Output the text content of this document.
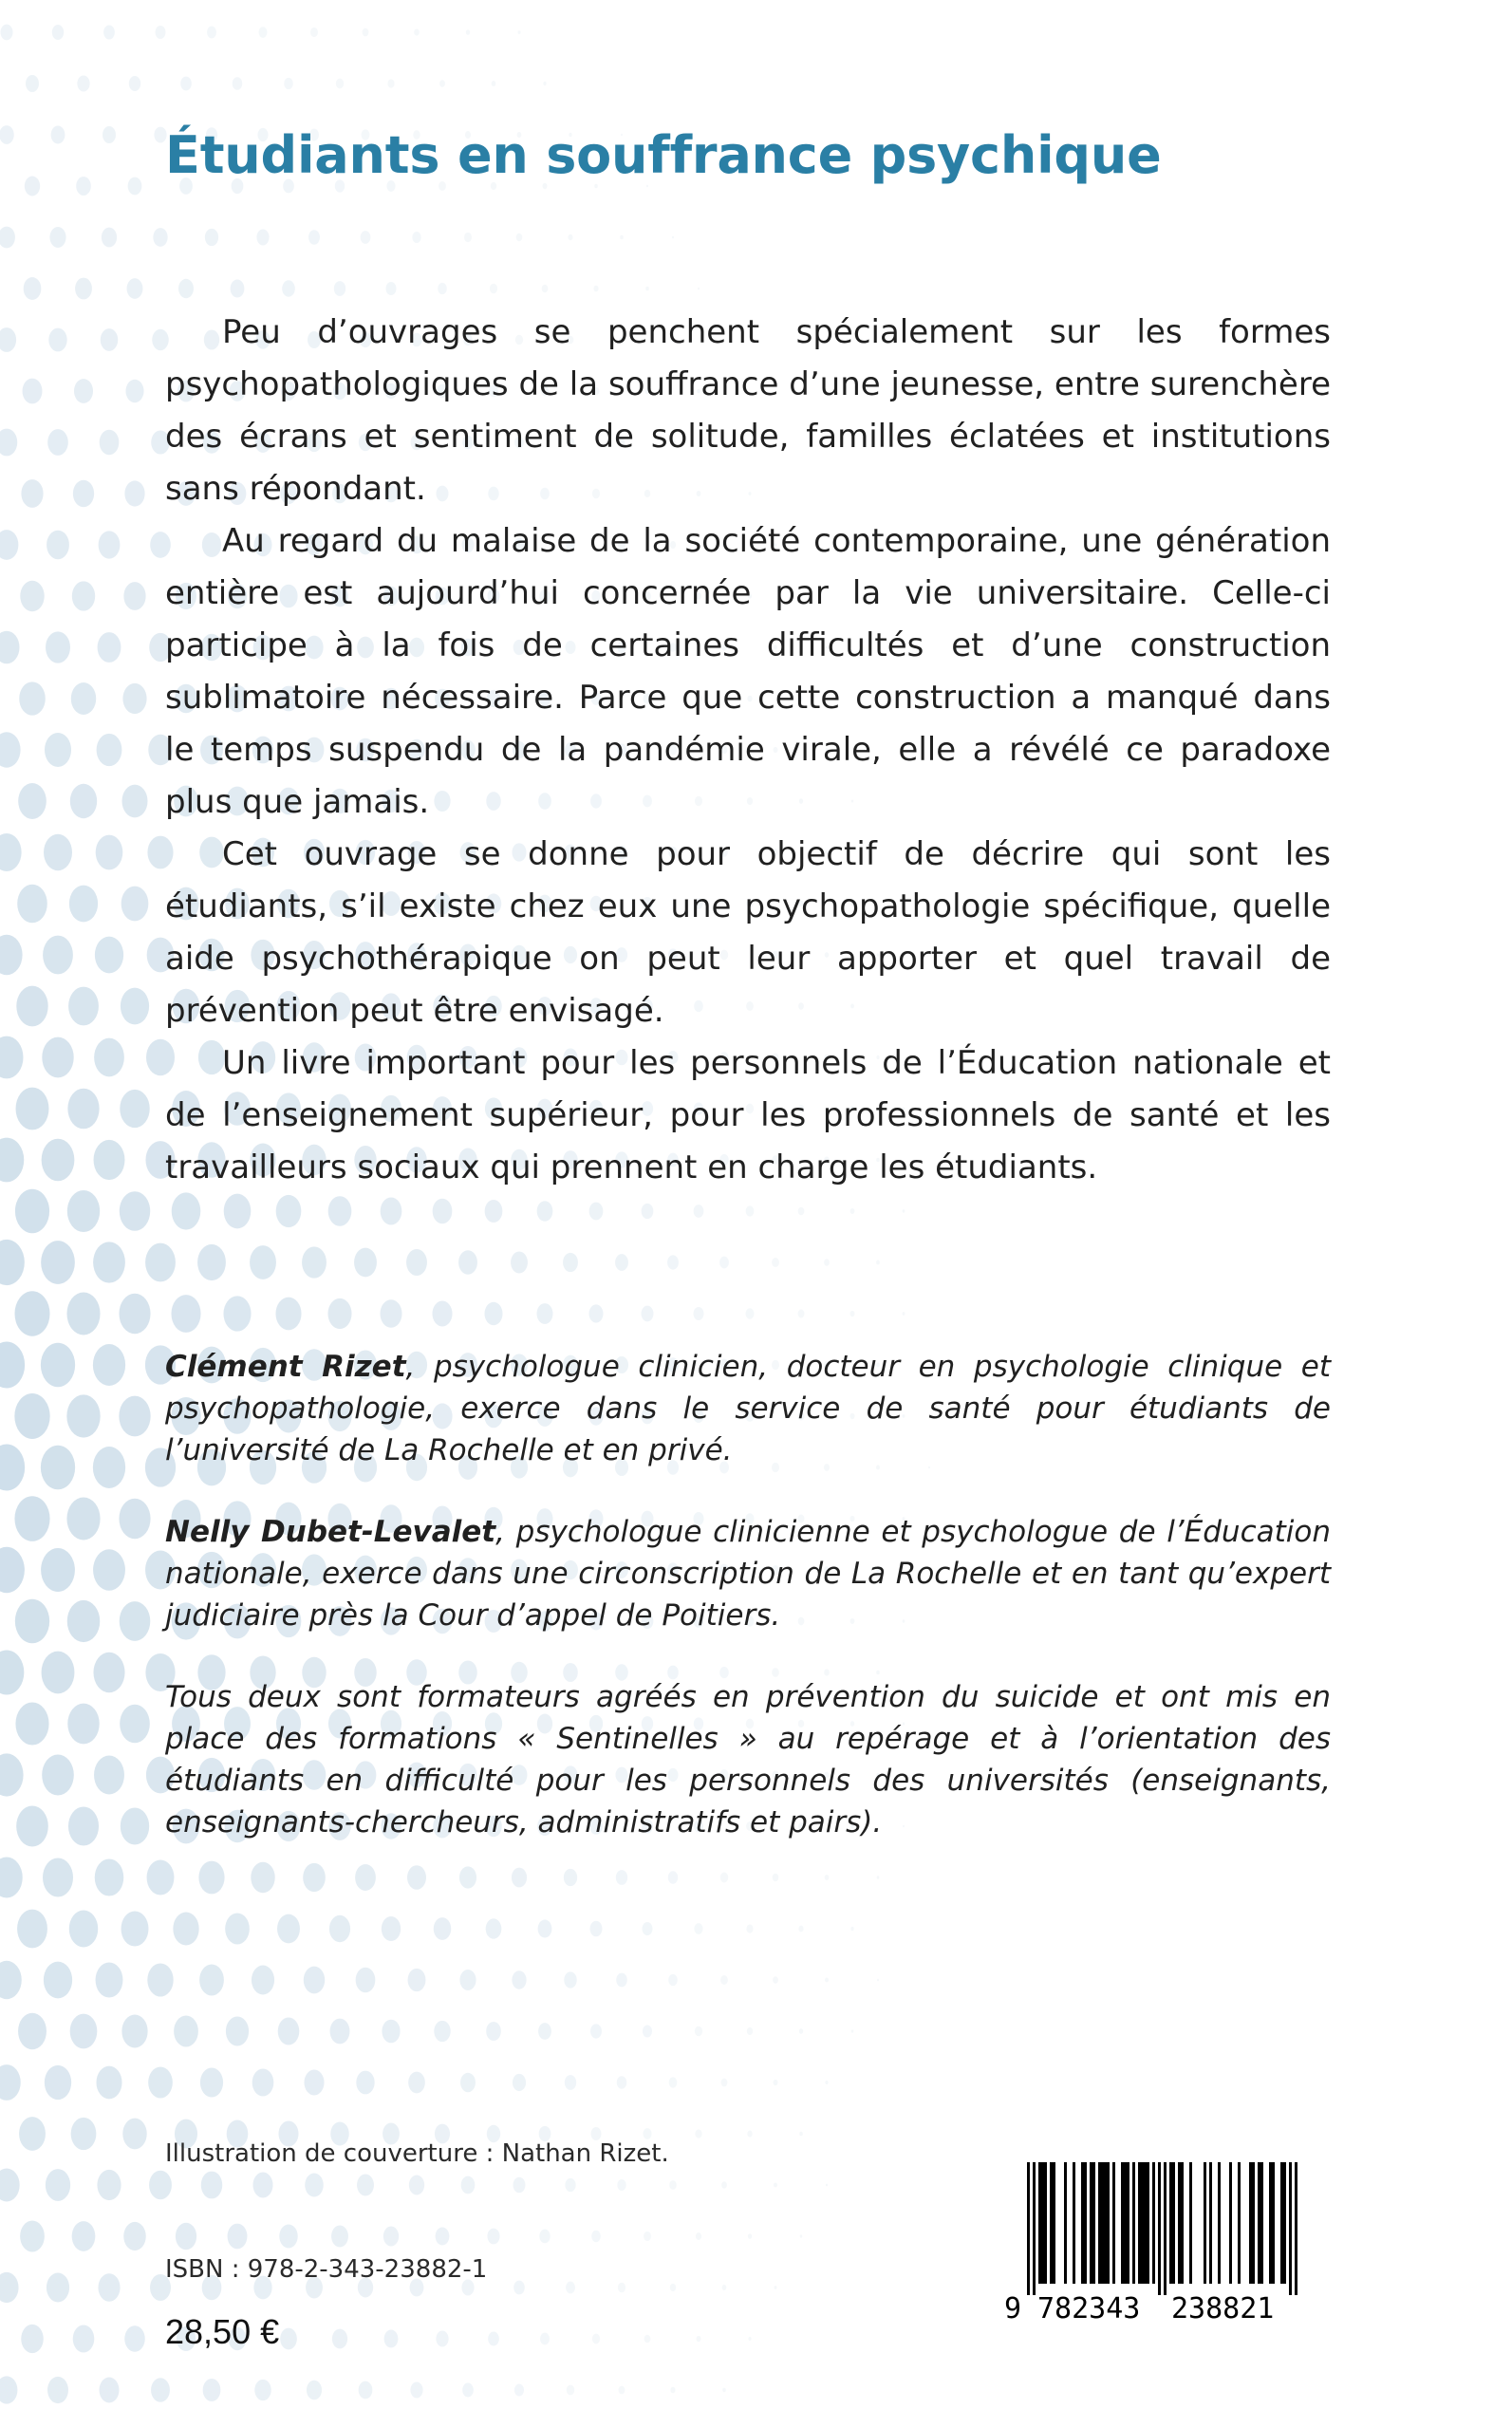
Étudiants en souffrance psychique

Peu d’ouvrages se penchent spécialement sur les formes psychopathologiques de la souffrance d’une jeunesse, entre surenchère des écrans et sentiment de solitude, familles éclatées et institutions sans répondant.

Au regard du malaise de la société contemporaine, une génération entière est aujourd’hui concernée par la vie universitaire. Celle-ci participe à la fois de certaines difficultés et d’une construction sublimatoire nécessaire. Parce que cette construction a manqué dans le temps suspendu de la pandémie virale, elle a révélé ce paradoxe plus que jamais.

Cet ouvrage se donne pour objectif de décrire qui sont les étudiants, s’il existe chez eux une psychopathologie spécifique, quelle aide psychothérapique on peut leur apporter et quel travail de prévention peut être envisagé.

Un livre important pour les personnels de l’Éducation nationale et de l’enseignement supérieur, pour les professionnels de santé et les travailleurs sociaux qui prennent en charge les étudiants.

Clément Rizet, psychologue clinicien, docteur en psychologie clinique et psychopathologie, exerce dans le service de santé pour étudiants de l’université de La Rochelle et en privé.

Nelly Dubet-Levalet, psychologue clinicienne et psychologue de l’Éducation nationale, exerce dans une circonscription de La Rochelle et en tant qu’expert judiciaire près la Cour d’appel de Poitiers.

Tous deux sont formateurs agréés en prévention du suicide et ont mis en place des formations « Sentinelles » au repérage et à l’orientation des étudiants en difficulté pour les personnels des universités (enseignants, enseignants-chercheurs, administratifs et pairs).

Illustration de couverture : Nathan Rizet.
ISBN : 978-2-343-23882-1
28,50 €
9 782343 238821
